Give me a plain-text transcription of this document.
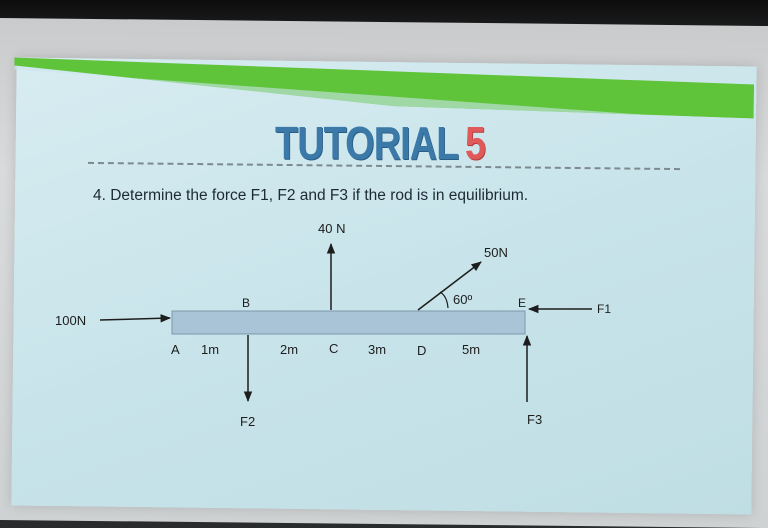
TUTORIAL 5
4. Determine the force F1, F2 and F3 if the rod is in equilibrium.
100N
40 N
50N
60º
F1
F2	F3
A
B
C	D
E
1m	2m	3m	5m
